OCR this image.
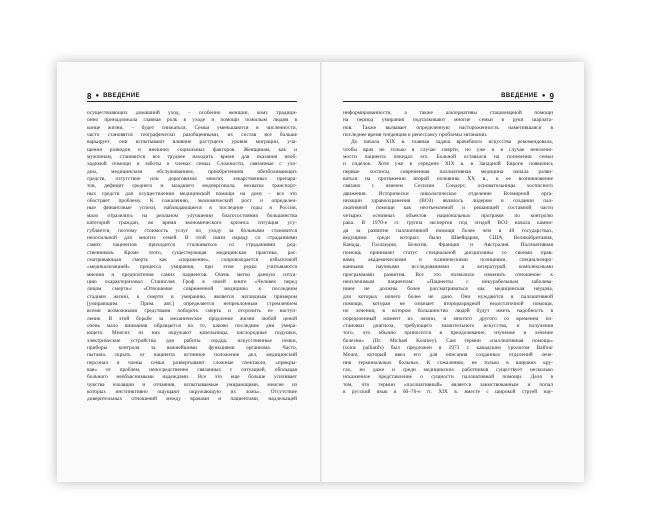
8 ● ВВЕДЕНИЕ
осуществляющих домашний уход, – особенно женщин, кому традици-
онно принадлежала главная роль в уходе и помощи пожилым людям в
конце жизни, – будет снижаться. Семьи уменьшаются в численности,
часто становятся географически разобщенными, их состав все больше
варьирует, они испытывают влияние растущего уровня миграции, уча-
щения разводов и внешних социальных факторов. Женщинам, как и
мужчинам, становится все труднее находить время для оказания необ-
ходимой помощи и заботы о членах семьи. Сложности, связанные с ухо-
дом, медицинским обслуживанием, приобретением обезболивающих
средств, отсутствие или дороговизна многих лекарственных препара-
тов, дефицит среднего и младшего медперсонала, нехватка транспорт-
ных средств для осуществления медицинской помощи на дому – все это
обостряет проблему. К сожалению, экономический рост и определен-
ные финансовые успехи, наблюдающиеся в последние годы в России,
мало отразились на реальном улучшении благосостояния большинства
категорий граждан, во время экономического кризиса ситуация усу-
губляется, поэтому стоимость услуг по уходу за больными становится
непосильной для многих семей. В этой связи наряду со страданиями
самих пациентов приходится сталкиваться со страданиями род-
ственников. Кроме этого, существующая медицинская практика, рас-
сматривающая смерть как «поражение», сопровождается избыточной
«медикализацией» процесса умирания, при этом редко учитываются
мнения и предпочтения самих пациентов. Очень метко данную ситуа-
цию охарактеризовал Станислав Гроф в своей книге «Человек перед
лицом смерти»: «Отношение современной медицины к последним
стадиям жизни, к смерти и умиранию, является наглядным примером
[умирающим. – Прим. авт.] определяется непреклонным стремлением
всеми возможными средствами побороть смерть и отсрочить ее наступ-
ление. В этой борьбе за механическое продление жизни любой ценой
очень мало внимания обращается на то, каково последние дни умира-
ющего. Многих из них окружают капельницы, кислородные подушки,
электрические устройства для работы сердца, искусственные почки,
приборы контроля за важнейшими функциями организма. Часто,
пытаясь скрыть от пациента истинное положение дел, медицинский
персонал и члены семьи развертывают сложные спектакли, «прикры-
вая» от проблем, непосредственно связанных с ситуацией, обольщая
больного необъяснимыми надеждами. Все это еще больше усиливает
чувства изоляции и отчаяния, испытываемые умирающими, многие из
которых инстинктивно ощущают окружающую их ложь». Отсутствие
доверительных отношений между врачами и пациентами, надлежащей
ВВЕДЕНИЕ ● 9
информированности, а также альтернативы стационарной помощи
на период умирания подталкивают многие семьи в руки шарлата-
нов. Также вызывает определенную настороженность наметившаяся в
последнее время тенденция к ренессансу проблемы эвтаназии.
До начала XIX в. главная задача врачебного искусства рекомендовала,
чтобы врач не только в случае смерти, но уже и в случае неизлечи-
мости пациента покидал его. Больной оставался на попечении семьи
и сиделок. Хотя уже в середине XIX в. в Западной Европе появились
первые хосписы, современная паллиативная медицина начала разви-
ваться на протяжении второй половины XX в., и ее возникновение
связано с именем Сесилии Сондерс, основательницы хосписного
движения. Исторически онкологическое отделение Всемирной орга-
низации здравоохранения (ВОЗ) являлось лидером в создании пал-
лиативной помощи как неотъемлемой и решающей составной части
четырех основных объектов национальных программ по контролю
рака. В 1970-е гг. группа экспертов под эгидой ВОЗ начала камни-
дя за развитие паллиативной помощи более чем в 40 государствах,
ведущими среди которых были Швейцария, США, Великобритания,
Канада, Голландия, Бельгия, Франция и Австралия. Паллиативная
помощь принимает статус специальной дисциплины со своими прав-
вами, академическими и клиническими позициями, специализиро-
ванными научными исследованиями и литературой, комплексными
программами развития. Все это позволило изменить отношение к
неизлечимым пациентам: «Пациенты с инкурабельным заболева-
нием не должны более рассматриваться как медицинская неудача,
для которых ничего более не дано. Они нуждаются в паллиативной
помощи, которая не означает второразрядной недостаточной помощи,
но лечения, в котором большинство людей будут иметь надобность в
определенный момент их жизни, и многого другого со временем по-
становки диагноза, требующего значительного искусства, и получения
того, что обычно приносится в преодолевание, изучение и лечение
болезни» (Dr. Michael Kearney). Сам термин «паллиативная помощь»
(soins palliatifs) был предложен в 1973 г. канадским урологом Balfour
Mount, который ввел его для описания созданных отделений лече-
ния терминальных больных. К сожалению, не только в широких кру-
гах, но даже и среди медицинских работников существует несколько
искаженное представление о сущности паллиативной помощи. Дело в
том, что термин «паллиативный» является заимствованным и попал
в русский язык в 60–70-е гг. XIX в. вместе с широкой струей нау-
